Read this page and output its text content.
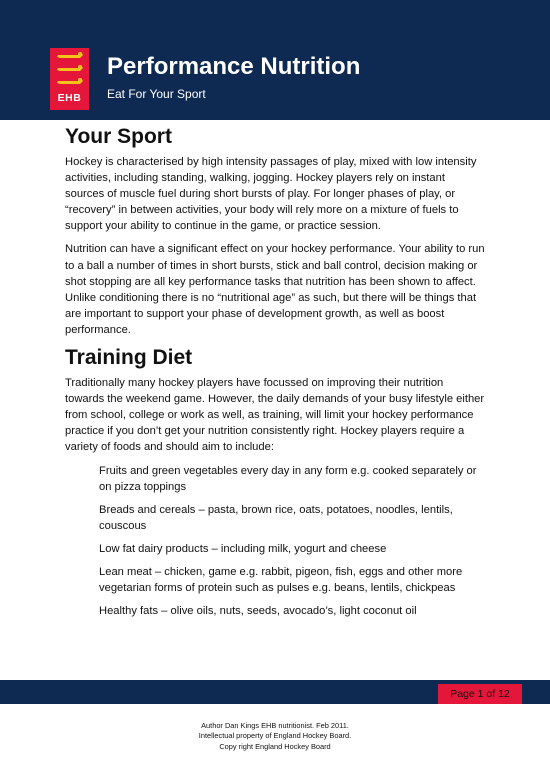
EHB
Performance Nutrition
Eat For Your Sport
Your Sport

Hockey is characterised by high intensity passages of play, mixed with low intensity activities, including standing, walking, jogging. Hockey players rely on instant sources of muscle fuel during short bursts of play. For longer phases of play, or “recovery” in between activities, your body will rely more on a mixture of fuels to support your ability to continue in the game, or practice session.

Nutrition can have a significant effect on your hockey performance. Your ability to run to a ball a number of times in short bursts, stick and ball control, decision making or shot stopping are all key performance tasks that nutrition has been shown to affect. Unlike conditioning there is no “nutritional age” as such, but there will be things that are important to support your phase of development growth, as well as boost performance.

Training Diet

Traditionally many hockey players have focussed on improving their nutrition towards the weekend game. However, the daily demands of your busy lifestyle either from school, college or work as well, as training, will limit your hockey performance practice if you don’t get your nutrition consistently right. Hockey players require a variety of foods and should aim to include:

Fruits and green vegetables every day in any form e.g. cooked separately or on pizza toppings
Breads and cereals – pasta, brown rice, oats, potatoes, noodles, lentils, couscous
Low fat dairy products – including milk, yogurt and cheese
Lean meat – chicken, game e.g. rabbit, pigeon, fish, eggs and other more vegetarian forms of protein such as pulses e.g. beans, lentils, chickpeas
Healthy fats – olive oils, nuts, seeds, avocado’s, light coconut oil
Page 1 of 12
Author Dan Kings EHB nutritionist. Feb 2011.
Intellectual property of England Hockey Board.
Copy right England Hockey Board
